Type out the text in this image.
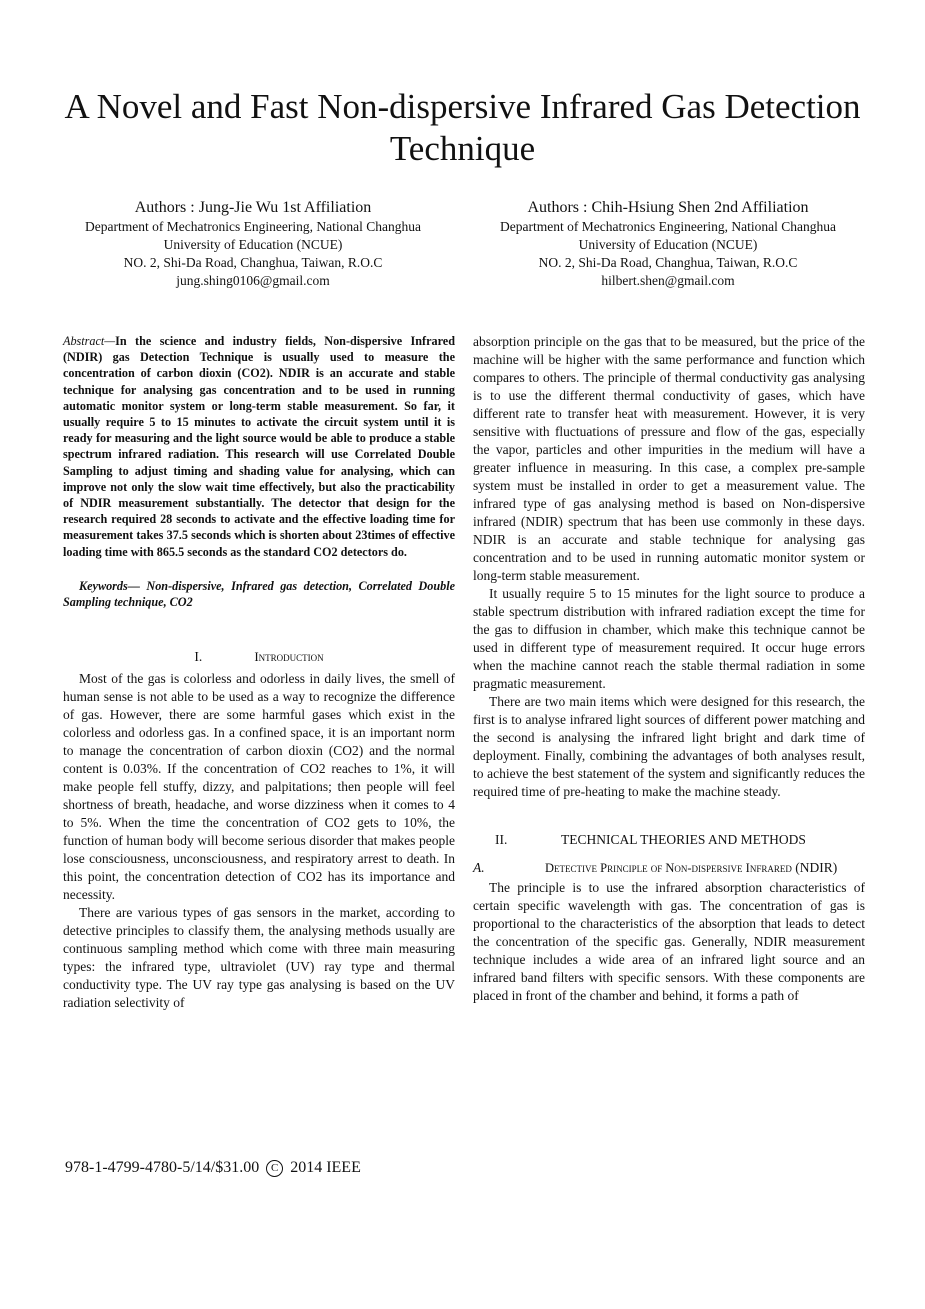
A Novel and Fast Non-dispersive Infrared Gas Detection Technique
Authors : Jung-Jie Wu 1st Affiliation
Department of Mechatronics Engineering, National Changhua
University of Education (NCUE)
NO. 2, Shi-Da Road, Changhua, Taiwan, R.O.C
jung.shing0106@gmail.com
Authors : Chih-Hsiung Shen 2nd Affiliation
Department of Mechatronics Engineering, National Changhua
University of Education (NCUE)
NO. 2, Shi-Da Road, Changhua, Taiwan, R.O.C
hilbert.shen@gmail.com

Abstract—In the science and industry fields, Non-dispersive Infrared (NDIR) gas Detection Technique is usually used to measure the concentration of carbon dioxin (CO2). NDIR is an accurate and stable technique for analysing gas concentration and to be used in running automatic monitor system or long-term stable measurement. So far, it usually require 5 to 15 minutes to activate the circuit system until it is ready for measuring and the light source would be able to produce a stable spectrum infrared radiation. This research will use Correlated Double Sampling to adjust timing and shading value for analysing, which can improve not only the slow wait time effectively, but also the practicability of NDIR measurement substantially. The detector that design for the research required 28 seconds to activate and the effective loading time for measurement takes 37.5 seconds which is shorten about 23times of effective loading time with 865.5 seconds as the standard CO2 detectors do.

Keywords— Non-dispersive, Infrared gas detection, Correlated Double Sampling technique, CO2

I.	Introduction

Most of the gas is colorless and odorless in daily lives, the smell of human sense is not able to be used as a way to recognize the difference of gas. However, there are some harmful gases which exist in the colorless and odorless gas. In a confined space, it is an important norm to manage the concentration of carbon dioxin (CO2) and the normal content is 0.03%. If the concentration of CO2 reaches to 1%, it will make people fell stuffy, dizzy, and palpitations; then people will feel shortness of breath, headache, and worse dizziness when it comes to 4 to 5%. When the time the concentration of CO2 gets to 10%, the function of human body will become serious disorder that makes people lose consciousness, unconsciousness, and respiratory arrest to death. In this point, the concentration detection of CO2 has its importance and necessity.

There are various types of gas sensors in the market, according to detective principles to classify them, the analysing methods usually are continuous sampling method which come with three main measuring types: the infrared type, ultraviolet (UV) ray type and thermal conductivity type. The UV ray type gas analysing is based on the UV radiation selectivity of

absorption principle on the gas that to be measured, but the price of the machine will be higher with the same performance and function which compares to others. The principle of thermal conductivity gas analysing is to use the different thermal conductivity of gases, which have different rate to transfer heat with measurement. However, it is very sensitive with fluctuations of pressure and flow of the gas, especially the vapor, particles and other impurities in the medium will have a greater influence in measuring. In this case, a complex pre-sample system must be installed in order to get a measurement value. The infrared type of gas analysing method is based on Non-dispersive infrared (NDIR) spectrum that has been use commonly in these days. NDIR is an accurate and stable technique for analysing gas concentration and to be used in running automatic monitor system or long-term stable measurement.

It usually require 5 to 15 minutes for the light source to produce a stable spectrum distribution with infrared radiation except the time for the gas to diffusion in chamber, which make this technique cannot be used in different type of measurement required. It occur huge errors when the machine cannot reach the stable thermal radiation in some pragmatic measurement.

There are two main items which were designed for this research, the first is to analyse infrared light sources of different power matching and the second is analysing the infrared light bright and dark time of deployment. Finally, combining the advantages of both analyses result, to achieve the best statement of the system and significantly reduces the required time of pre-heating to make the machine steady.

II.	TECHNICAL THEORIES AND METHODS

A.	Detective Principle of Non-dispersive Infrared (NDIR)

The principle is to use the infrared absorption characteristics of certain specific wavelength with gas. The concentration of gas is proportional to the characteristics of the absorption that leads to detect the concentration of the specific gas. Generally, NDIR measurement technique includes a wide area of an infrared light source and an infrared band filters with specific sensors. With these components are placed in front of the chamber and behind, it forms a path of

978-1-4799-4780-5/14/$31.00 C 2014 IEEE
